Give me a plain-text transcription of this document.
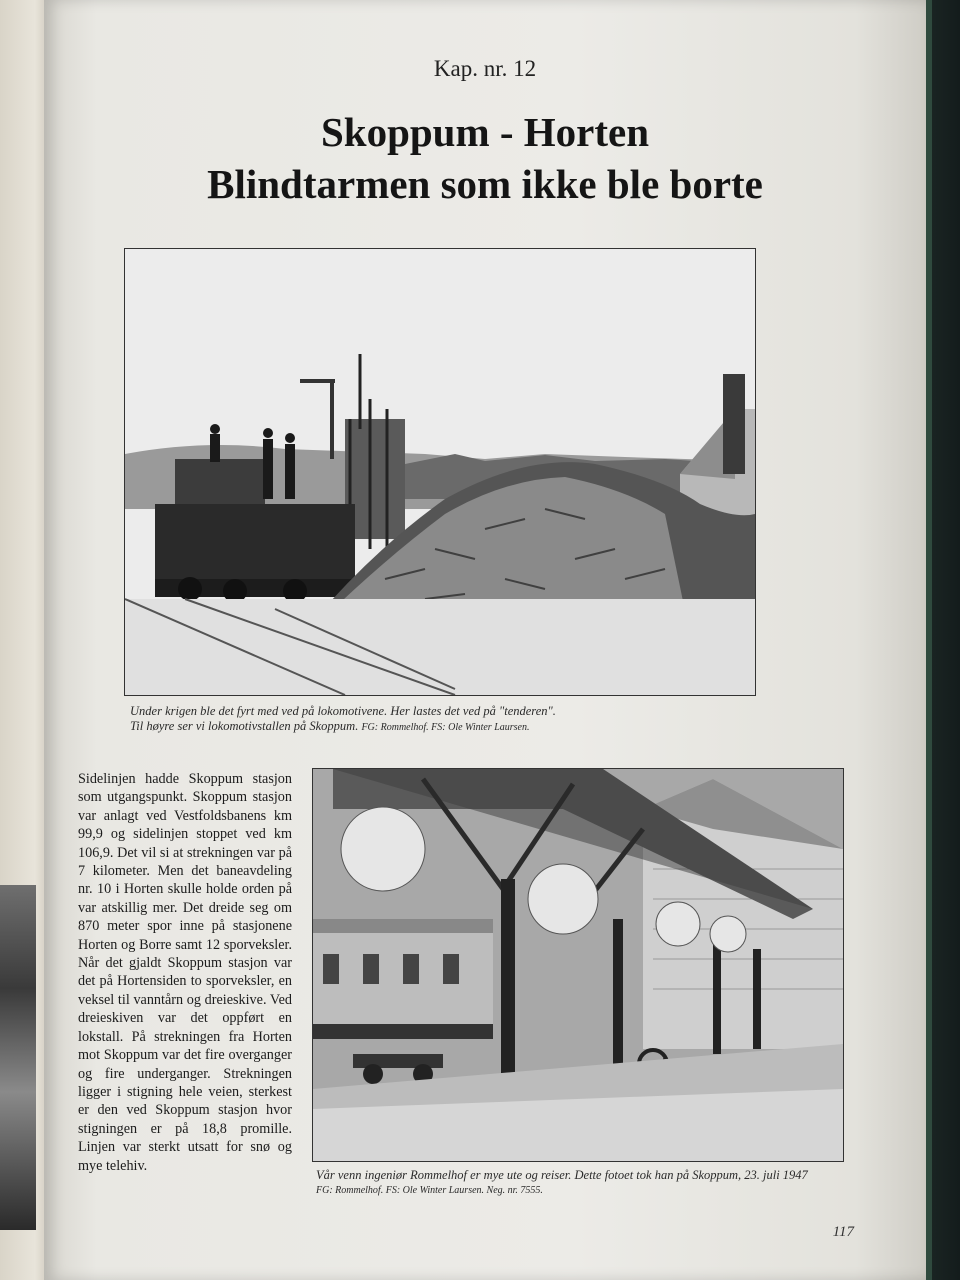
Kap. nr. 12
Skoppum - Horten
Blindtarmen som ikke ble borte
Under krigen ble det fyrt med ved på lokomotivene. Her lastes det ved på "tenderen".
Til høyre ser vi lokomotivstallen på Skoppum. FG: Rommelhof. FS: Ole Winter Laursen.
Sidelinjen hadde Skoppum stasjon som utgangspunkt. Skoppum stasjon var anlagt ved Vestfoldsbanens km 99,9 og sidelinjen stoppet ved km 106,9. Det vil si at strekningen var på 7 kilometer. Men det baneavdeling nr. 10 i Horten skulle holde orden på var atskillig mer. Det dreide seg om 870 meter spor inne på stasjonene Horten og Borre samt 12 sporveksler. Når det gjaldt Skoppum stasjon var det på Hortensiden to sporveksler, en veksel til vanntårn og dreieskive. Ved dreieskiven var det oppført en lokstall. På strekningen fra Horten mot Skoppum var det fire overganger og fire underganger. Strekningen ligger i stigning hele veien, sterkest er den ved Skoppum stasjon hvor stigningen er på 18,8 promille. Linjen var sterkt utsatt for snø og mye telehiv.
Vår venn ingeniør Rommelhof er mye ute og reiser. Dette fotoet tok han på Skoppum, 23. juli 1947
FG: Rommelhof. FS: Ole Winter Laursen. Neg. nr. 7555.
117
